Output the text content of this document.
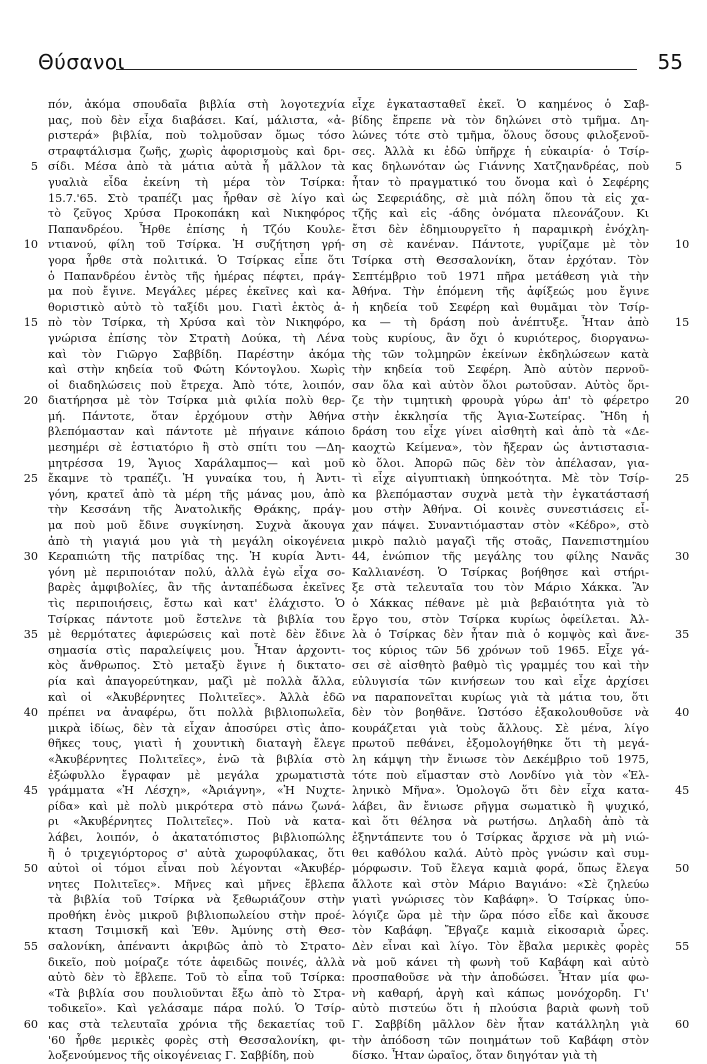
Θύσανοι	55
5
10
15
20
25
30
35
40
45
50
55
60
πόν, ἀκόμα σπουδαῖα βιβλία στὴ λογοτεχνία
μας, ποὺ δὲν εἶχα διαβάσει. Καί, μάλιστα, «ἀ-
ριστερά» βιβλία, ποὺ τολμοῦσαν ὅμως τόσο
στραφτάλισμα ζωῆς, χωρὶς ἀφορισμοὺς καὶ δρι-
σίδι. Μέσα ἀπὸ τὰ μάτια αὐτὰ ἦ μᾶλλον τὰ
γυαλιὰ εἶδα ἐκείνη τὴ μέρα τὸν Τσίρκα:
15.7.'65. Στὸ τραπέζι μας ἦρθαν σὲ λίγο καὶ
τὸ ζεῦγος Χρύσα Προκοπάκη καὶ Νικηφόρος
Παπανδρέου. Ἦρθε ἐπίσης ἡ Τζόυ Κουλε-
ντιανού, φίλη τοῦ Τσίρκα. Ἡ συζήτηση γρή-
γορα ἦρθε στὰ πολιτικά. Ὁ Τσίρκας εἶπε ὅτι
ὁ Παπανδρέου ἐντὸς τῆς ἡμέρας πέφτει, πράγ-
μα ποὺ ἔγινε. Μεγάλες μέρες ἐκεῖνες καὶ κα-
θοριστικὸ αὐτὸ τὸ ταξίδι μου. Γιατὶ ἐκτὸς ἀ-
πὸ τὸν Τσίρκα, τὴ Χρύσα καὶ τὸν Νικηφόρο,
γνώρισα ἐπίσης τὸν Στρατὴ Δούκα, τὴ Λένα
καὶ τὸν Γιῶργο Σαββίδη. Παρέστην ἀκόμα
καὶ στὴν κηδεία τοῦ Φώτη Κόντογλου. Χωρὶς
οἱ διαδηλώσεις ποὺ ἔτρεχα. Ἀπὸ τότε, λοιπόν,
διατήρησα μὲ τὸν Τσίρκα μιὰ φιλία πολὺ θερ-
μή. Πάντοτε, ὅταν ἐρχόμουν στὴν Ἀθήνα
βλεπόμασταν καὶ πάντοτε μὲ πήγαινε κάποιο
μεσημέρι σὲ ἑστιατόριο ἢ στὸ σπίτι του —Δη-
μητρέσσα 19, Ἅγιος Χαράλαμπος— καὶ μοῦ
ἔκαμνε τὸ τραπέζι. Ἡ γυναίκα του, ἡ Ἀντι-
γόνη, κρατεῖ ἀπὸ τὰ μέρη τῆς μάνας μου, ἀπὸ
τὴν Κεσσάνη τῆς Ἀνατολικῆς Θράκης, πράγ-
μα ποὺ μοῦ ἔδινε συγκίνηση. Συχνὰ ἄκουγα
ἀπὸ τὴ γιαγιά μου γιὰ τὴ μεγάλη οἰκογένεια
Κεραπιώτη τῆς πατρίδας της. Ἡ κυρία Ἀντι-
γόνη μὲ περιποιόταν πολύ, ἀλλὰ ἐγὼ εἶχα σο-
βαρὲς ἀμφιβολίες, ἂν τῆς ἀνταπέδωσα ἐκεῖνες
τὶς περιποιήσεις, ἔστω καὶ κατ' ἐλάχιστο. Ὁ
Τσίρκας πάντοτε μοῦ ἔστελνε τὰ βιβλία του
μὲ θερμότατες ἀφιερώσεις καὶ ποτὲ δὲν ἔδινε
σημασία στὶς παραλείψεις μου. Ἦταν ἀρχοντι-
κὸς ἄνθρωπος. Στὸ μεταξὺ ἔγινε ἡ δικτατο-
ρία καὶ ἀπαγορεύτηκαν, μαζὶ μὲ πολλὰ ἄλλα,
καὶ οἱ «Ἀκυβέρνητες Πολιτεῖες». Ἀλλὰ ἐδῶ
πρέπει να ἀναφέρω, ὅτι πολλὰ βιβλιοπωλεῖα,
μικρὰ ἰδίως, δὲν τὰ εἶχαν ἀποσύρει στὶς ἀπο-
θῆκες τους, γιατὶ ἡ χουντικὴ διαταγὴ ἔλεγε
«Ἀκυβέρνητες Πολιτεῖες», ἐνῶ τὰ βιβλία στὸ
ἐξώφυλλο ἔγραφαν μὲ μεγάλα χρωματιστὰ
γράμματα «Ἡ Λέσχη», «Ἀριάγνη», «Ἡ Νυχτε-
ρίδα» καὶ μὲ πολὺ μικρότερα στὸ πάνω ζωνά-
ρι «Ἀκυβέρνητες Πολιτεῖες». Ποὺ νὰ κατα-
λάβει, λοιπόν, ὁ ἀκατατόπιστος βιβλιοπώλης
ἢ ὁ τριχεγιόρτορος σ' αὐτὰ χωροφύλακας, ὅτι
αὐτοὶ οἱ τόμοι εἶναι ποὺ λέγονται «Ἀκυβέρ-
νητες Πολιτεῖες». Μῆνες καὶ μῆνες ἔβλεπα
τὰ βιβλία τοῦ Τσίρκα νὰ ξεθωριάζουν στὴν
προθήκη ἑνὸς μικροῦ βιβλιοπωλείου στὴν προέ-
κταση Τσιμισκῆ καὶ Ἐθν. Ἀμύνης στὴ Θεσ-
σαλονίκη, ἀπέναντι ἀκριβῶς ἀπὸ τὸ Στρατο-
δικεῖο, ποὺ μοίραζε τότε ἀφειδῶς ποινές, ἀλλὰ
αὐτὸ δὲν τὸ ἔβλεπε. Τοῦ τὸ εἶπα τοῦ Τσίρκα:
«Τὰ βιβλία σου πουλιοῦνται ἔξω ἀπὸ τὸ Στρα-
τοδικεῖο». Καὶ γελάσαμε πάρα πολύ. Ὁ Τσίρ-
κας στὰ τελευταῖα χρόνια τῆς δεκαετίας τοῦ
'60 ἦρθε μερικὲς φορὲς στὴ Θεσσαλονίκη, φι-
λοξενούμενος τῆς οἰκογένειας Γ. Σαββίδη, ποὺ
εἶχε ἐγκατασταθεῖ ἐκεῖ. Ὁ καημένος ὁ Σαβ-
βίδης ἔπρεπε νὰ τὸν δηλώνει στὸ τμῆμα. Δη-
λώνες τότε στὸ τμῆμα, ὅλους ὅσους φιλοξενοῦ-
σες. Ἀλλὰ κι ἐδῶ ὑπῆρχε ἡ εὐκαιρία· ὁ Τσίρ-
κας δηλωνόταν ὡς Γιάννης Χατζηανδρέας, ποὺ
ἦταν τὸ πραγματικό του ὄνομα καὶ ὁ Σεφέρης
ὡς Σεφεριάδης, σὲ μιὰ πόλη ὅπου τὰ εἰς χα-
τζῆς καὶ εἰς -άδης ὀνόματα πλεονάζουν. Κι
ἔτσι δὲν ἐδημιουργεῖτο ἡ παραμικρὴ ἐνόχλη-
ση σὲ κανέναν. Πάντοτε, γυρίζαμε μὲ τὸν
Τσίρκα στὴ Θεσσαλονίκη, ὅταν ἐρχόταν. Τὸν
Σεπτέμβριο τοῦ 1971 πῆρα μετάθεση γιὰ τὴν
Ἀθήνα. Τὴν ἑπόμενη τῆς ἀφίξεώς μου ἔγινε
ἡ κηδεία τοῦ Σεφέρη καὶ θυμᾶμαι τὸν Τσίρ-
κα — τὴ δράση ποὺ ἀνέπτυξε. Ἦταν ἀπὸ
τοὺς κυρίους, ἂν ὄχι ὁ κυριότερος, διοργανω-
τὴς τῶν τολμηρῶν ἐκείνων ἐκδηλώσεων κατὰ
τὴν κηδεία τοῦ Σεφέρη. Ἀπὸ αὐτὸν περνοῦ-
σαν ὅλα καὶ αὐτὸν ὅλοι ρωτοῦσαν. Αὐτὸς ὅρι-
ζε τὴν τιμητικὴ φρουρὰ γύρω ἀπ' τὸ φέρετρο
στὴν ἐκκλησία τῆς Ἁγια-Σωτείρας. Ἤδη ἡ
δράση του εἶχε γίνει αἰσθητὴ καὶ ἀπὸ τὰ «Δε-
καοχτὼ Κείμενα», τὸν ἤξεραν ὡς ἀντιστασια-
κὸ ὅλοι. Ἀπορῶ πῶς δὲν τὸν ἀπέλασαν, για-
τὶ εἶχε αἰγυπτιακὴ ὑπηκοότητα. Μὲ τὸν Τσίρ-
κα βλεπόμασταν συχνὰ μετὰ τὴν ἐγκατάστασή
μου στὴν Ἀθήνα. Οἱ κοινὲς συνεστιάσεις εἶ-
χαν πάψει. Συναντιόμασταν στὸν «Κέδρο», στὸ
μικρὸ παλιὸ μαγαζὶ τῆς στοᾶς, Πανεπιστημίου
44, ἐνώπιον τῆς μεγάλης του φίλης Νανᾶς
Καλλιανέση. Ὁ Τσίρκας βοήθησε καὶ στήρι-
ξε στὰ τελευταῖα του τὸν Μάριο Χάκκα. Ἂν
ὁ Χάκκας πέθανε μὲ μιὰ βεβαιότητα γιὰ τὸ
ἔργο του, στὸν Τσίρκα κυρίως ὀφείλεται. Ἀλ-
λὰ ὁ Τσίρκας δὲν ἦταν πιὰ ὁ κομψὸς καὶ ἄνε-
τος κύριος τῶν 56 χρόνων τοῦ 1965. Εἶχε γά-
σει σὲ αἰσθητὸ βαθμὸ τὶς γραμμές του καὶ τὴν
εὐλυγισία τῶν κινήσεων του καὶ εἶχε ἀρχίσει
να παραπονεῖται κυρίως γιὰ τὰ μάτια του, ὅτι
δὲν τὸν βοηθᾶνε. Ὡστόσο ἐξακολουθοῦσε νὰ
κουράζεται γιὰ τοὺς ἄλλους. Σὲ μένα, λίγο
πρωτοῦ πεθάνει, ἐξομολογήθηκε ὅτι τὴ μεγά-
λη κάμψη τὴν ἔνιωσε τὸν Δεκέμβριο τοῦ 1975,
τότε ποὺ εἴμασταν στὸ Λονδίνο γιὰ τὸν «Ἑλ-
ληνικὸ Μῆνα». Ὁμολογῶ ὅτι δὲν εἶχα κατα-
λάβει, ἂν ἔνιωσε ρῆγμα σωματικὸ ἢ ψυχικό,
καὶ ὅτι θέλησα νὰ ρωτήσω. Δηλαδὴ ἀπὸ τὰ
ἐξηντάπεντε του ὁ Τσίρκας ἄρχισε νὰ μὴ νιώ-
θει καθόλου καλά. Αὐτὸ πρὸς γνώσιν καὶ συμ-
μόρφωσιν. Τοῦ ἔλεγα καμιὰ φορά, ὅπως ἔλεγα
ἄλλοτε καὶ στὸν Μάριο Βαγιάνο: «Σὲ ζηλεύω
γιατὶ γνώρισες τὸν Καβάφη». Ὁ Τσίρκας ὑπο-
λόγιζε ὥρα μὲ τὴν ὥρα πόσο εἶδε καὶ ἄκουσε
τὸν Καβάφη. Ἔβγαζε καμιὰ εἰκοσαριὰ ὧρες.
Δὲν εἶναι καὶ λίγο. Τὸν ἔβαλα μερικὲς φορὲς
νὰ μοῦ κάνει τὴ φωνὴ τοῦ Καβάφη καὶ αὐτὸ
προσπαθοῦσε νὰ τὴν ἀποδώσει. Ἦταν μία φω-
νὴ καθαρή, ἀργὴ καὶ κάπως μονόχορδη. Γι'
αὐτὸ πιστεύω ὅτι ἡ πλούσια βαριὰ φωνὴ τοῦ
Γ. Σαββίδη μᾶλλον δὲν ἦταν κατάλληλη γιὰ
τὴν ἀπόδοση τῶν ποιημάτων τοῦ Καβάφη στὸν
δίσκο. Ἦταν ὡραῖος, ὅταν διηγόταν γιὰ τὴ
5
10
15
20
25
30
35
40
45
50
55
60
